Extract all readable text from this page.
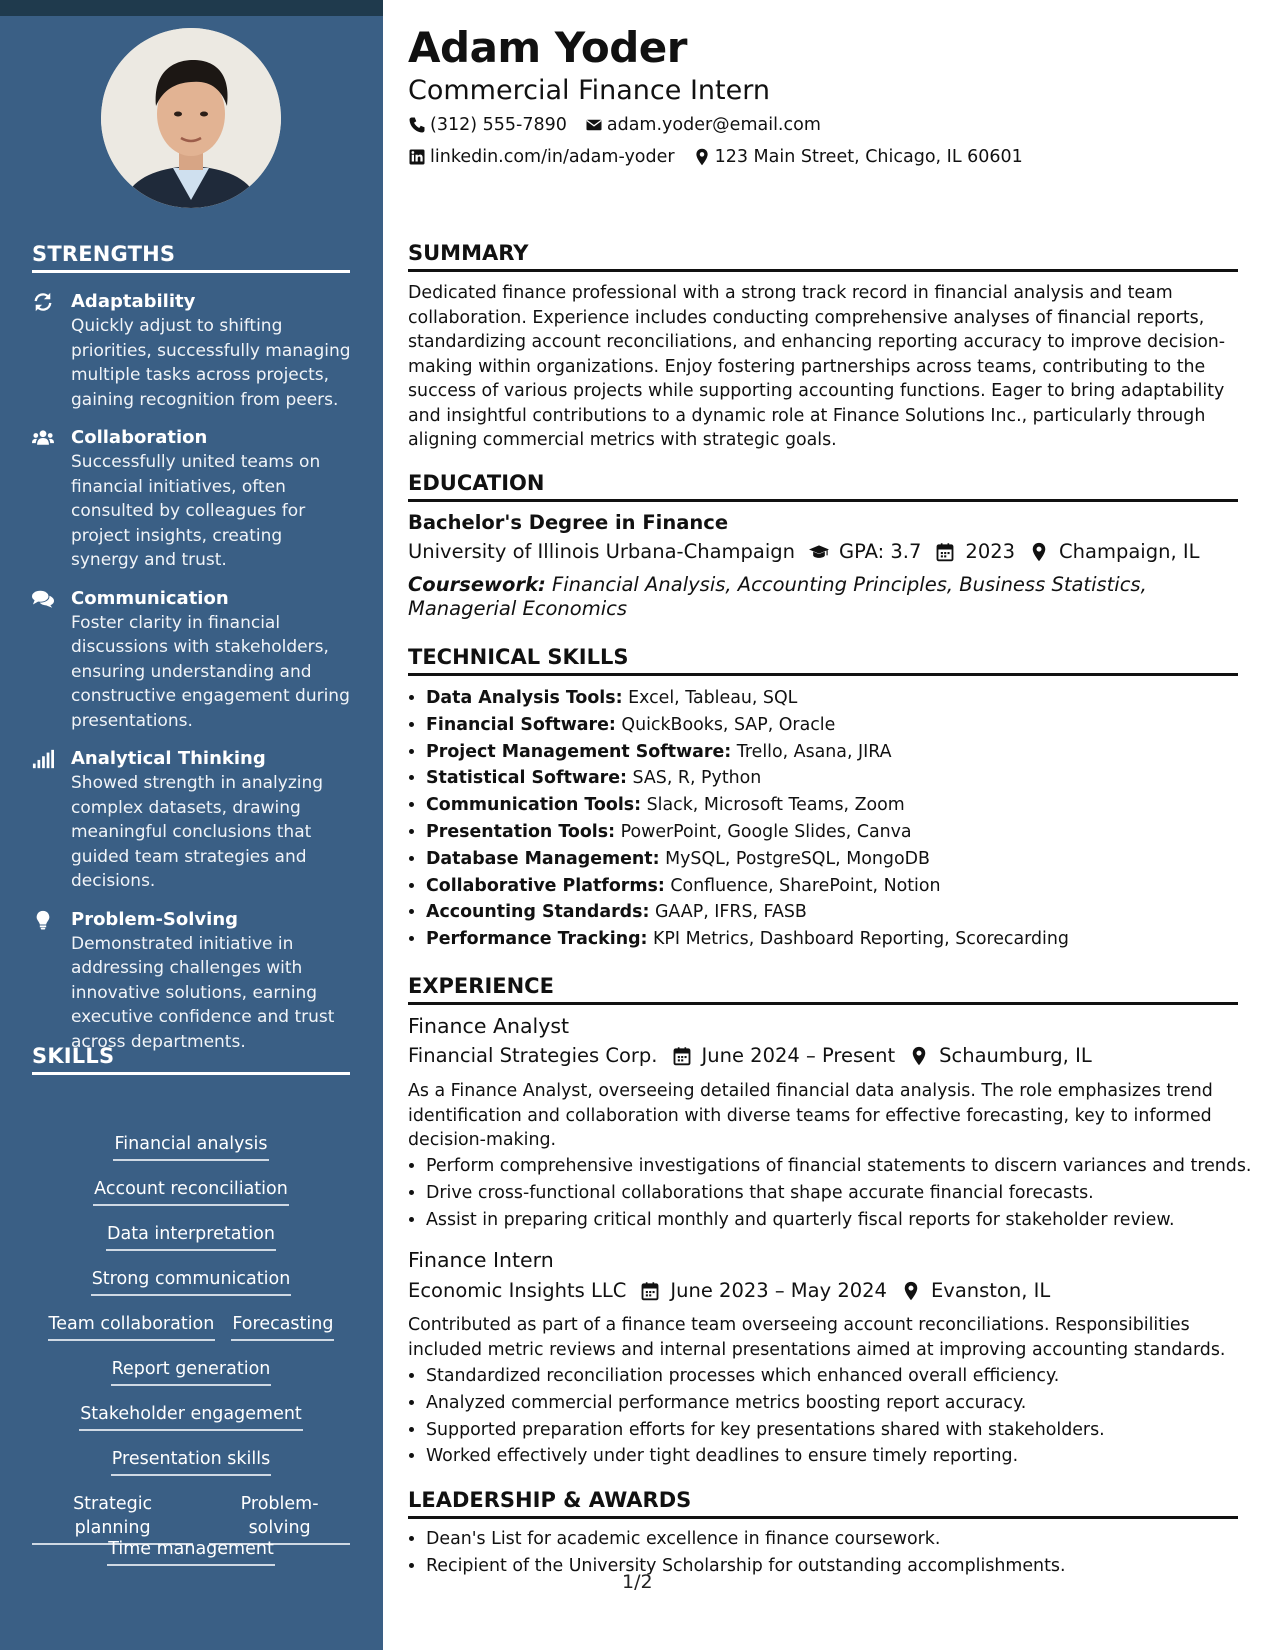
STRENGTHS
Adaptability
Quickly adjust to shifting priorities, successfully managing multiple tasks across projects, gaining recognition from peers.
Collaboration
Successfully united teams on financial initiatives, often consulted by colleagues for project insights, creating synergy and trust.
Communication
Foster clarity in financial discussions with stakeholders, ensuring understanding and constructive engagement during presentations.
Analytical Thinking
Showed strength in analyzing complex datasets, drawing meaningful conclusions that guided team strategies and decisions.
Problem-Solving
Demonstrated initiative in addressing challenges with innovative solutions, earning executive confidence and trust across departments.
SKILLS
Financial analysis
Account reconciliation
Data interpretation
Strong communication
Team collaboration Forecasting
Report generation
Stakeholder engagement
Presentation skills
Strategic planning
Problem-solving
Time management
Adam Yoder
Commercial Finance Intern
(312) 555-7890 adam.yoder@email.com
linkedin.com/in/adam-yoder 123 Main Street, Chicago, IL 60601
SUMMARY
Dedicated finance professional with a strong track record in financial analysis and team collaboration. Experience includes conducting comprehensive analyses of financial reports, standardizing account reconciliations, and enhancing reporting accuracy to improve decision-making within organizations. Enjoy fostering partnerships across teams, contributing to the success of various projects while supporting accounting functions. Eager to bring adaptability and insightful contributions to a dynamic role at Finance Solutions Inc., particularly through aligning commercial metrics with strategic goals.
EDUCATION
Bachelor's Degree in Finance
University of Illinois Urbana-Champaign GPA: 3.7 2023 Champaign, IL
Coursework: Financial Analysis, Accounting Principles, Business Statistics, Managerial Economics
TECHNICAL SKILLS
• Data Analysis Tools: Excel, Tableau, SQL
• Financial Software: QuickBooks, SAP, Oracle
• Project Management Software: Trello, Asana, JIRA
• Statistical Software: SAS, R, Python
• Communication Tools: Slack, Microsoft Teams, Zoom
• Presentation Tools: PowerPoint, Google Slides, Canva
• Database Management: MySQL, PostgreSQL, MongoDB
• Collaborative Platforms: Confluence, SharePoint, Notion
• Accounting Standards: GAAP, IFRS, FASB
• Performance Tracking: KPI Metrics, Dashboard Reporting, Scorecarding
EXPERIENCE
Finance Analyst
Financial Strategies Corp. June 2024 – Present Schaumburg, IL
As a Finance Analyst, overseeing detailed financial data analysis. The role emphasizes trend identification and collaboration with diverse teams for effective forecasting, key to informed decision-making.
• Perform comprehensive investigations of financial statements to discern variances and trends.
• Drive cross-functional collaborations that shape accurate financial forecasts.
• Assist in preparing critical monthly and quarterly fiscal reports for stakeholder review.
Finance Intern
Economic Insights LLC June 2023 – May 2024 Evanston, IL
Contributed as part of a finance team overseeing account reconciliations. Responsibilities included metric reviews and internal presentations aimed at improving accounting standards.
• Standardized reconciliation processes which enhanced overall efficiency.
• Analyzed commercial performance metrics boosting report accuracy.
• Supported preparation efforts for key presentations shared with stakeholders.
• Worked effectively under tight deadlines to ensure timely reporting.
LEADERSHIP & AWARDS
• Dean's List for academic excellence in finance coursework.
• Recipient of the University Scholarship for outstanding accomplishments.
1/2
